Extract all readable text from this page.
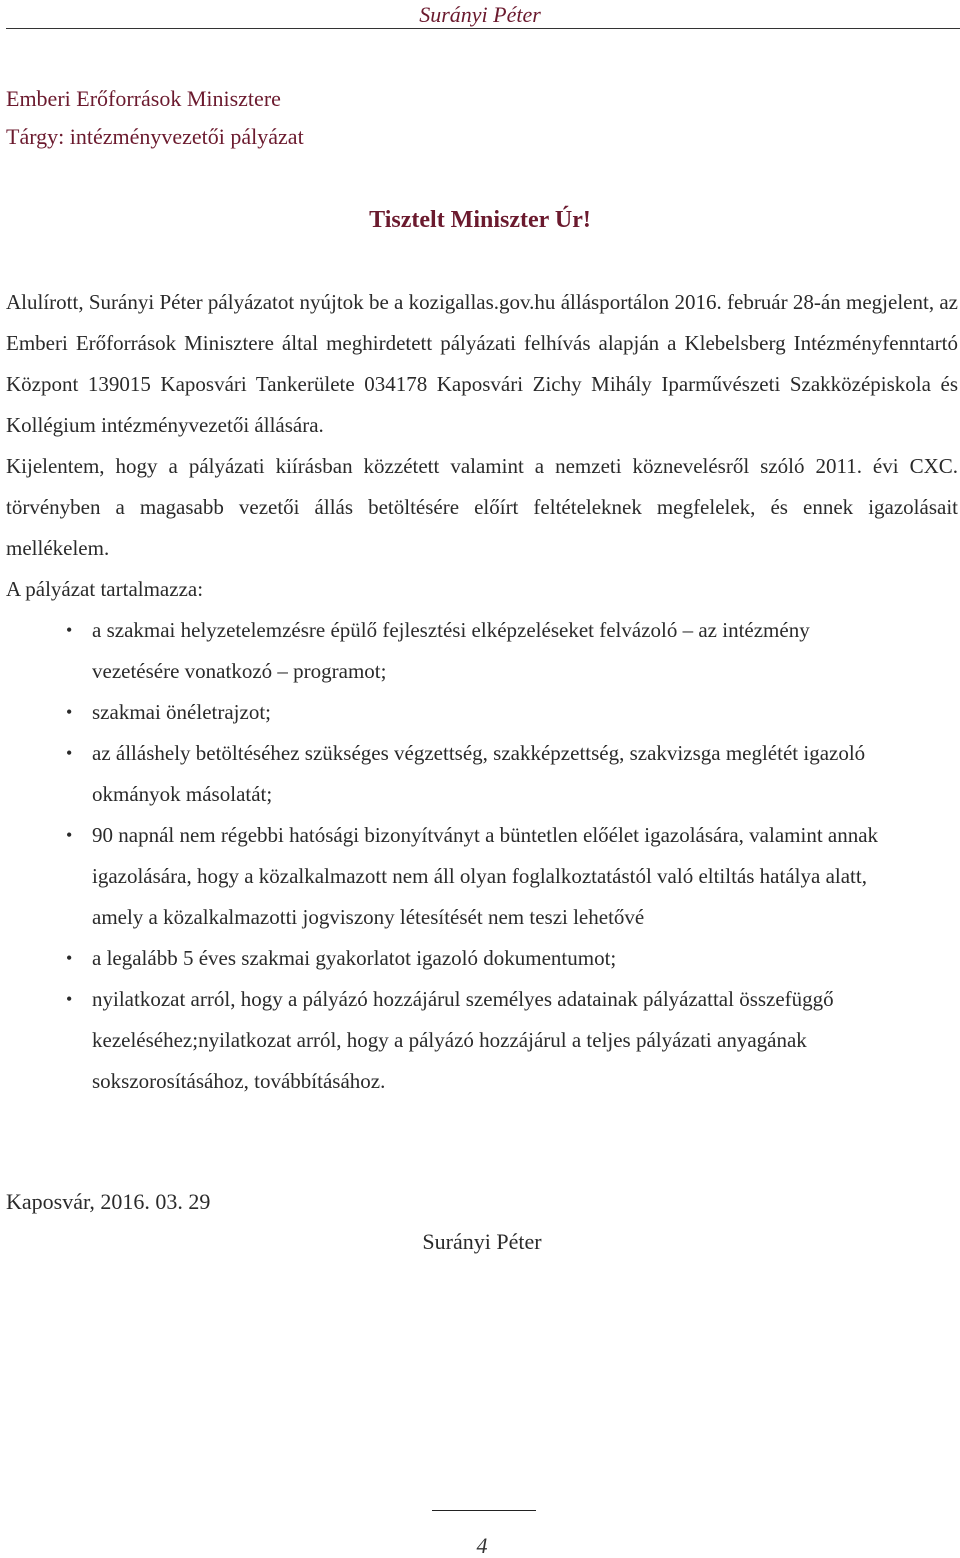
Surányi Péter
Emberi Erőforrások Minisztere
Tárgy: intézményvezetői pályázat
Tisztelt Miniszter Úr!

Alulírott, Surányi Péter pályázatot nyújtok be a kozigallas.gov.hu állásportálon 2016. február 28-án megjelent, az Emberi Erőforrások Minisztere által meghirdetett pályázati felhívás alapján a Klebelsberg Intézményfenntartó Központ 139015 Kaposvári Tankerülete 034178 Kaposvári Zichy Mihály Iparművészeti Szakközépiskola és Kollégium intézményvezetői állására.

Kijelentem, hogy a pályázati kiírásban közzétett valamint a nemzeti köznevelésről szóló 2011. évi CXC. törvényben a magasabb vezetői állás betöltésére előírt feltételeknek megfelelek, és ennek igazolásait mellékelem.

A pályázat tartalmazza:

• a szakmai helyzetelemzésre épülő fejlesztési elképzeléseket felvázoló – az intézmény vezetésére vonatkozó – programot;
• szakmai önéletrajzot;
• az álláshely betöltéséhez szükséges végzettség, szakképzettség, szakvizsga meglétét igazoló okmányok másolatát;
• 90 napnál nem régebbi hatósági bizonyítványt a büntetlen előélet igazolására, valamint annak igazolására, hogy a közalkalmazott nem áll olyan foglalkoztatástól való eltiltás hatálya alatt, amely a közalkalmazotti jogviszony létesítését nem teszi lehetővé
• a legalább 5 éves szakmai gyakorlatot igazoló dokumentumot;
• nyilatkozat arról, hogy a pályázó hozzájárul személyes adatainak pályázattal összefüggő kezeléséhez;nyilatkozat arról, hogy a pályázó hozzájárul a teljes pályázati anyagának sokszorosításához, továbbításához.
Kaposvár, 2016. 03. 29
Surányi Péter
4
